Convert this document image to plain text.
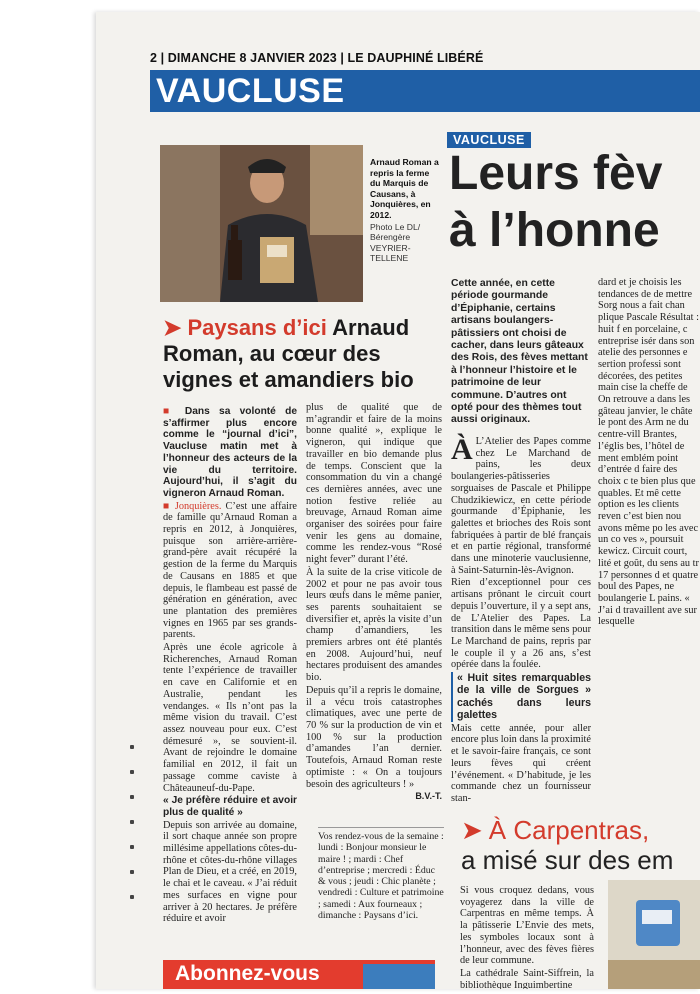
2 | DIMANCHE 8 JANVIER 2023 | LE DAUPHINÉ LIBÉRÉ
VAUCLUSE
Arnaud Roman a repris la ferme du Marquis de Causans, à Jonquières, en 2012.
Photo Le DL/ Bérengère VEYRIER-TELLENE
➤ Paysans d’ici Arnaud Roman, au cœur des vignes et amandiers bio

■ Dans sa volonté de s’affirmer plus encore comme le “journal d’ici”, Vaucluse matin met à l’honneur des acteurs de la vie du territoire. Aujourd’hui, il s’agit du vigneron Arnaud Roman.

■ Jonquières. C’est une affaire de famille qu’Arnaud Roman a repris en 2012, à Jonquières, puisque son arrière-arrière-grand-père avait récupéré la gestion de la ferme du Marquis de Causans en 1885 et que depuis, le flambeau est passé de génération en génération, avec une plantation des premières vignes en 1965 par ses grands-parents.

Après une école agricole à Richerenches, Arnaud Roman tente l’expérience de travailler en cave en Californie et en Australie, pendant les vendanges. « Ils n’ont pas la même vision du travail. C’est assez nouveau pour eux. C’est démesuré », se souvient-il. Avant de rejoindre le domaine familial en 2012, il fait un passage comme caviste à Châteauneuf-du-Pape.

« Je préfère réduire et avoir plus de qualité »

Depuis son arrivée au domaine, il sort chaque année son propre millésime appellations côtes-du-rhône et côtes-du-rhône villages Plan de Dieu, et a créé, en 2019, le chai et le caveau. « J’ai réduit mes surfaces en vigne pour arriver à 20 hectares. Je préfère réduire et avoir

plus de qualité que de m’agrandir et faire de la moins bonne qualité », explique le vigneron, qui indique que travailler en bio demande plus de temps. Conscient que la consommation du vin a changé ces dernières années, avec une notion festive reliée au breuvage, Arnaud Roman aime organiser des soirées pour faire venir les gens au domaine, comme les rendez-vous “Rosé night fever” durant l’été.

À la suite de la crise viticole de 2002 et pour ne pas avoir tous leurs œufs dans le même panier, ses parents souhaitaient se diversifier et, après la visite d’un champ d’amandiers, les premiers arbres ont été plantés en 2008. Aujourd’hui, neuf hectares produisent des amandes bio.

Depuis qu’il a repris le domaine, il a vécu trois catastrophes climatiques, avec une perte de 70 % sur la production de vin et 100 % sur la production d’amandes l’an dernier. Toutefois, Arnaud Roman reste optimiste : « On a toujours besoin des agriculteurs ! »

B.V.-T.

Vos rendez-vous de la semaine : lundi : Bonjour monsieur le maire ! ; mardi : Chef d’entreprise ; mercredi : Éduc & vous ; jeudi : Chic planète ; vendredi : Culture et patrimoine ; samedi : Aux fourneaux ; dimanche : Paysans d’ici.
Abonnez-vous
VAUCLUSE
Leurs fèv
à l’honne
Cette année, en cette période gourmande d’Épiphanie, certains artisans boulangers-pâtissiers ont choisi de cacher, dans leurs gâteaux des Rois, des fèves mettant à l’honneur l’histoire et le patrimoine de leur commune. D’autres ont opté pour des thèmes tout aussi originaux.

À L’Atelier des Papes comme chez Le Marchand de pains, les deux boulangeries-pâtisseries sorguaises de Pascale et Philippe Chudzikiewicz, en cette période gourmande d’Épiphanie, les galettes et brioches des Rois sont fabriquées à partir de blé français et en partie régional, transformé dans une minoterie vauclusienne, à Saint-Saturnin-lès-Avignon.

Rien d’exceptionnel pour ces artisans prônant le circuit court depuis l’ouverture, il y a sept ans, de L’Atelier des Papes. La transition dans le même sens pour Le Marchand de pains, repris par le couple il y a 26 ans, s’est opérée dans la foulée.

« Huit sites remarquables de la ville de Sorgues » cachés dans leurs galettes

Mais cette année, pour aller encore plus loin dans la proximité et le savoir-faire français, ce sont leurs fèves qui créent l’événement. « D’habitude, je les commande chez un fournisseur stan-

dard et je choisis les tendances de de mettre Sorg nous a fait chan plique Pascale Résultat : huit f en porcelaine, c entreprise isér dans son atelie des personnes e sertion professi sont décorées, des petites main cise la cheffe de On retrouve a dans les gâteau janvier, le châte le pont des Arm ne du centre-vill Brantes, l’églis bes, l’hôtel de ment emblém point d’entrée d faire des choix c te bien plus que quables. Et mê cette option es les clients reven c’est bien nou avons même po les avec un co ves », poursuit kewicz. Circuit court, lité et goût, du sens au tr 17 personnes d et quatre boul des Papes, ne boulangerie L pains. « J’ai d travaillent ave sur lesquelle
➤ À Carpentras,
a misé sur des em

Si vous croquez dedans, vous voyagerez dans la ville de Carpentras en même temps. À la pâtisserie L’Envie des mets, les symboles locaux sont à l’honneur, avec des fèves fières de leur commune.

La cathédrale Saint-Siffrein, la bibliothèque Inguimbertine
